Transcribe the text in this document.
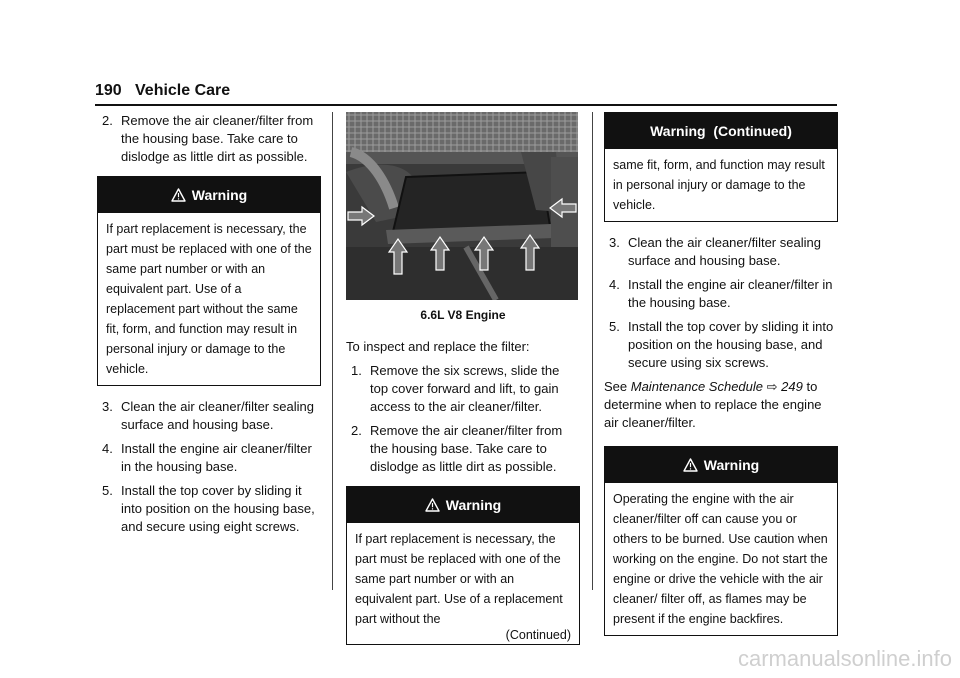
190 Vehicle Care
2. Remove the air cleaner/filter from the housing base. Take care to dislodge as little dirt as possible.
Warning
If part replacement is necessary, the part must be replaced with one of the same part number or with an equivalent part. Use of a replacement part without the same fit, form, and function may result in personal injury or damage to the vehicle.
3. Clean the air cleaner/filter sealing surface and housing base.
4. Install the engine air cleaner/filter in the housing base.
5. Install the top cover by sliding it into position on the housing base, and secure using eight screws.
6.6L V8 Engine
To inspect and replace the filter:
1. Remove the six screws, slide the top cover forward and lift, to gain access to the air cleaner/filter.
2. Remove the air cleaner/filter from the housing base. Take care to dislodge as little dirt as possible.
Warning
If part replacement is necessary, the part must be replaced with one of the same part number or with an equivalent part. Use of a replacement part without the
(Continued)
Warning  (Continued)
same fit, form, and function may result in personal injury or damage to the vehicle.
3. Clean the air cleaner/filter sealing surface and housing base.
4. Install the engine air cleaner/filter in the housing base.
5. Install the top cover by sliding it into position on the housing base, and secure using six screws.
See Maintenance Schedule ⇨ 249 to determine when to replace the engine air cleaner/filter.
Warning
Operating the engine with the air cleaner/filter off can cause you or others to be burned. Use caution when working on the engine. Do not start the engine or drive the vehicle with the air cleaner/ filter off, as flames may be present if the engine backfires.
carmanualsonline.info
